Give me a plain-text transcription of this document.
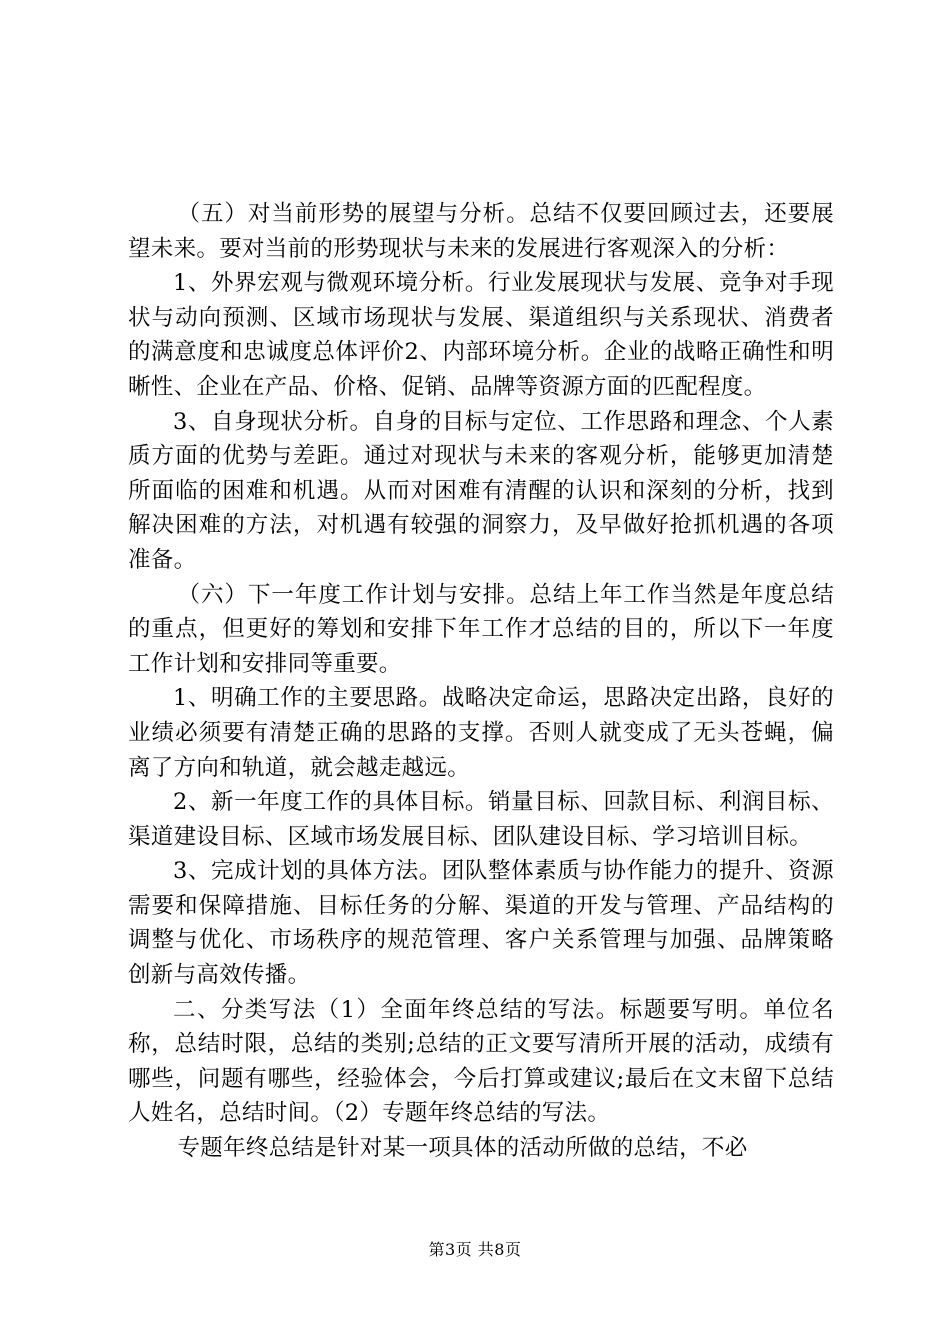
（五）对当前形势的展望与分析。总结不仅要回顾过去，还要展望未来。要对当前的形势现状与未来的发展进行客观深入的分析：

1、外界宏观与微观环境分析。行业发展现状与发展、竞争对手现状与动向预测、区域市场现状与发展、渠道组织与关系现状、消费者的满意度和忠诚度总体评价2、内部环境分析。企业的战略正确性和明晰性、企业在产品、价格、促销、品牌等资源方面的匹配程度。

3、自身现状分析。自身的目标与定位、工作思路和理念、个人素质方面的优势与差距。通过对现状与未来的客观分析，能够更加清楚所面临的困难和机遇。从而对困难有清醒的认识和深刻的分析，找到解决困难的方法，对机遇有较强的洞察力，及早做好抢抓机遇的各项准备。

（六）下一年度工作计划与安排。总结上年工作当然是年度总结的重点，但更好的筹划和安排下年工作才总结的目的，所以下一年度工作计划和安排同等重要。

1、明确工作的主要思路。战略决定命运，思路决定出路，良好的业绩必须要有清楚正确的思路的支撑。否则人就变成了无头苍蝇，偏离了方向和轨道，就会越走越远。

2、新一年度工作的具体目标。销量目标、回款目标、利润目标、渠道建设目标、区域市场发展目标、团队建设目标、学习培训目标。

3、完成计划的具体方法。团队整体素质与协作能力的提升、资源需要和保障措施、目标任务的分解、渠道的开发与管理、产品结构的调整与优化、市场秩序的规范管理、客户关系管理与加强、品牌策略创新与高效传播。

二、分类写法（1）全面年终总结的写法。标题要写明。单位名称，总结时限，总结的类别;总结的正文要写清所开展的活动，成绩有哪些，问题有哪些，经验体会，今后打算或建议;最后在文末留下总结人姓名，总结时间。（2）专题年终总结的写法。

专题年终总结是针对某一项具体的活动所做的总结，不必

第3页 共8页
